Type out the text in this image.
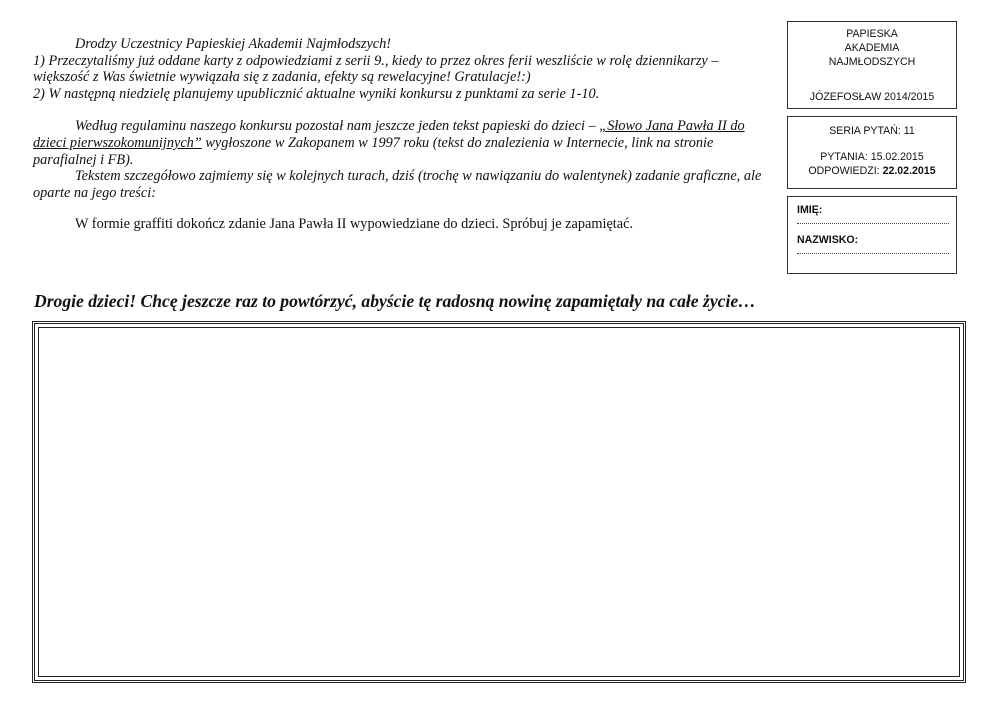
Drodzy Uczestnicy Papieskiej Akademii Najmłodszych!

1) Przeczytaliśmy już oddane karty z odpowiedziami z serii 9., kiedy to przez okres ferii weszliście w rolę dziennikarzy – większość z Was świetnie wywiązała się z zadania, efekty są rewelacyjne! Gratulacje!:)

2) W następną niedzielę planujemy upublicznić aktualne wyniki konkursu z punktami za serie 1-10.

Według regulaminu naszego konkursu pozostał nam jeszcze jeden tekst papieski do dzieci – „Słowo Jana Pawła II do dzieci pierwszokomunijnych” wygłoszone w Zakopanem w 1997 roku (tekst do znalezienia w Internecie, link na stronie parafialnej i FB).

Tekstem szczegółowo zajmiemy się w kolejnych turach, dziś (trochę w nawiązaniu do walentynek) zadanie graficzne, ale oparte na jego treści:

W formie graffiti dokończ zdanie Jana Pawła II wypowiedziane do dzieci. Spróbuj je zapamiętać.

PAPIESKA
AKADEMIA
NAJMŁODSZYCH
JÓZEFOSŁAW 2014/2015
SERIA PYTAŃ: 11
PYTANIA: 15.02.2015
ODPOWIEDZI: 22.02.2015
IMIĘ:
NAZWISKO:
Drogie dzieci! Chcę jeszcze raz to powtórzyć, abyście tę radosną nowinę zapamiętały na całe życie…
